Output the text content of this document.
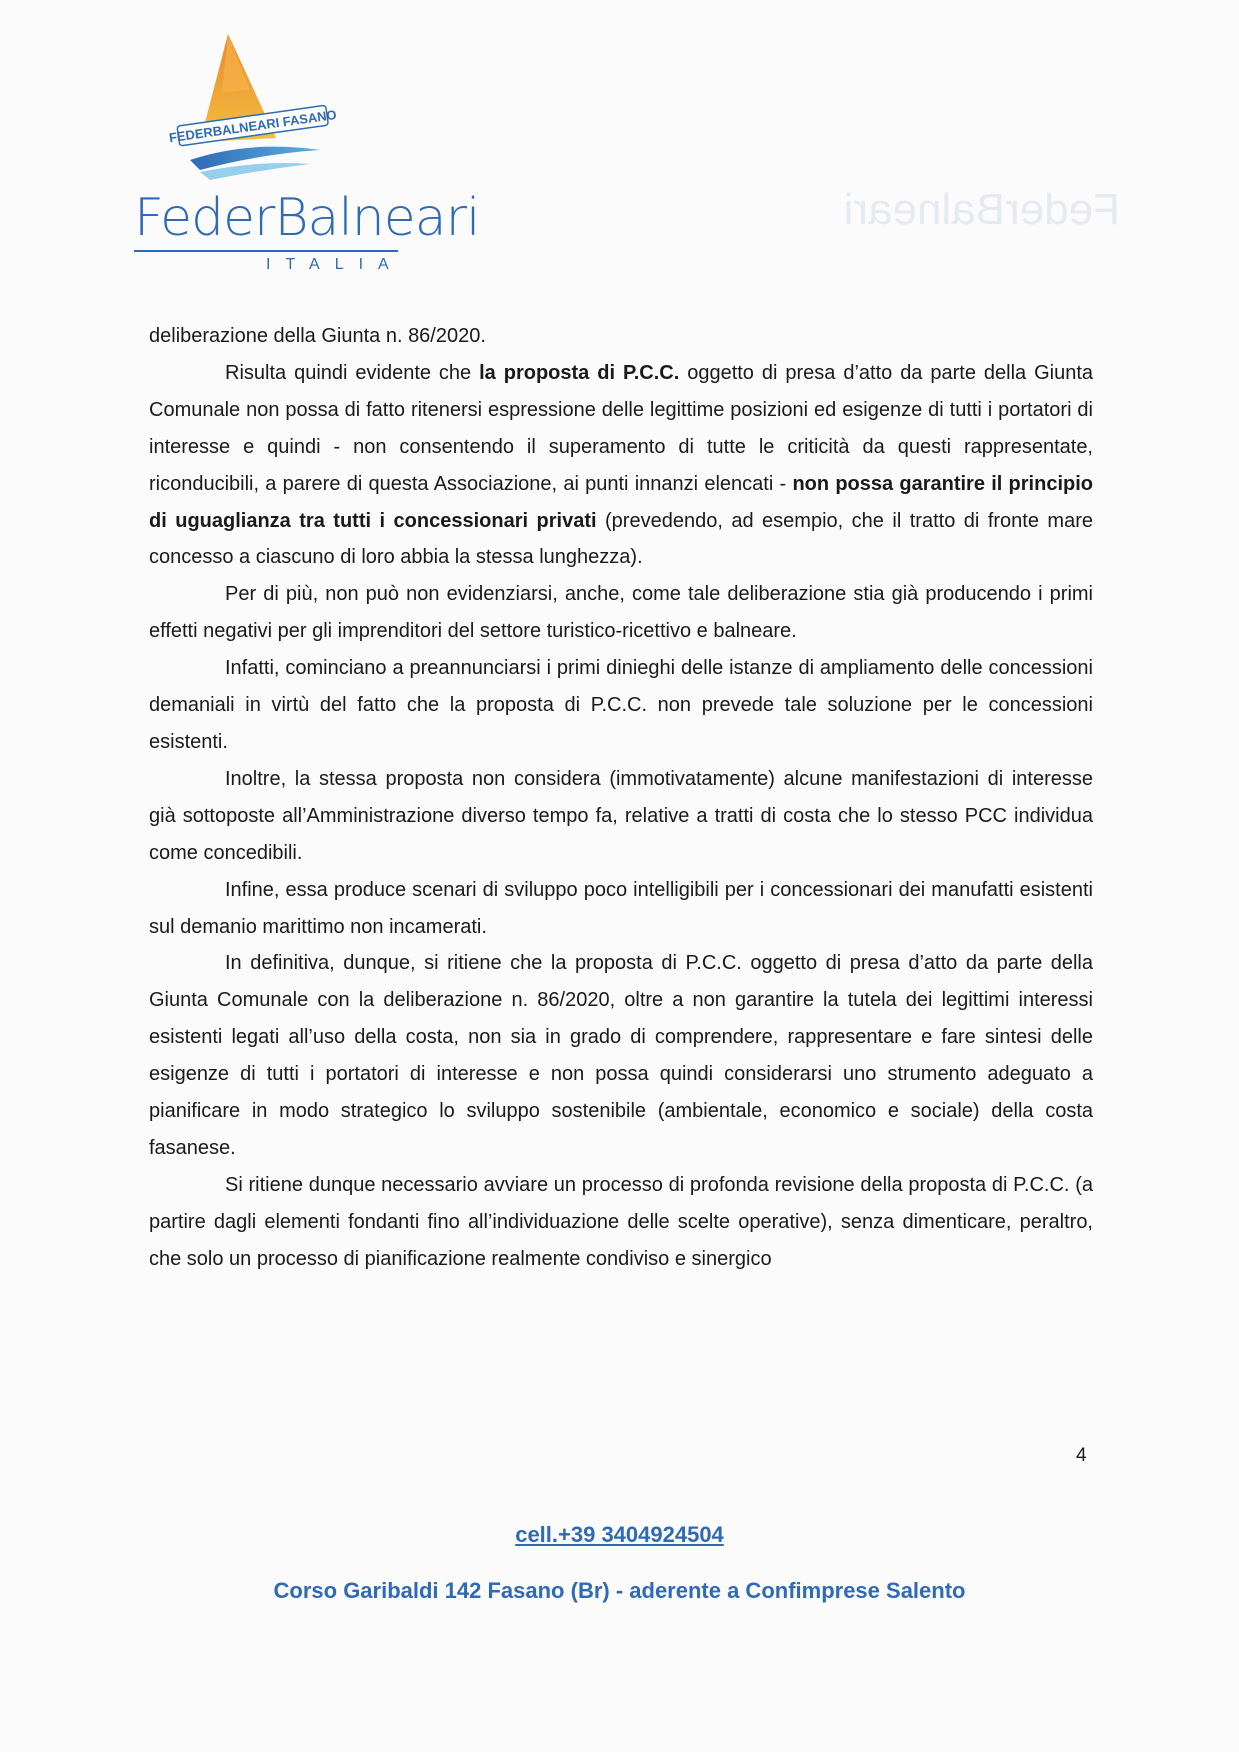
FederBalneari
FEDERBALNEARI FASANO
FederBalneari
ITALIA

deliberazione della Giunta n. 86/2020.

Risulta quindi evidente che la proposta di P.C.C. oggetto di presa d’atto da parte della Giunta Comunale non possa di fatto ritenersi espressione delle legittime posizioni ed esigenze di tutti i portatori di interesse e quindi - non consentendo il superamento di tutte le criticità da questi rappresentate, riconducibili, a parere di questa Associazione, ai punti innanzi elencati - non possa garantire il principio di uguaglianza tra tutti i concessionari privati (prevedendo, ad esempio, che il tratto di fronte mare concesso a ciascuno di loro abbia la stessa lunghezza).

Per di più, non può non evidenziarsi, anche, come tale deliberazione stia già producendo i primi effetti negativi per gli imprenditori del settore turistico-ricettivo e balneare.

Infatti, cominciano a preannunciarsi i primi dinieghi delle istanze di ampliamento delle concessioni demaniali in virtù del fatto che la proposta di P.C.C. non prevede tale soluzione per le concessioni esistenti.

Inoltre, la stessa proposta non considera (immotivatamente) alcune manifestazioni di interesse già sottoposte all’Amministrazione diverso tempo fa, relative a tratti di costa che lo stesso PCC individua come concedibili.

Infine, essa produce scenari di sviluppo poco intelligibili per i concessionari dei manufatti esistenti sul demanio marittimo non incamerati.

In definitiva, dunque, si ritiene che la proposta di P.C.C. oggetto di presa d’atto da parte della Giunta Comunale con la deliberazione n. 86/2020, oltre a non garantire la tutela dei legittimi interessi esistenti legati all’uso della costa, non sia in grado di comprendere, rappresentare e fare sintesi delle esigenze di tutti i portatori di interesse e non possa quindi considerarsi uno strumento adeguato a pianificare in modo strategico lo sviluppo sostenibile (ambientale, economico e sociale) della costa fasanese.

Si ritiene dunque necessario avviare un processo di profonda revisione della proposta di P.C.C. (a partire dagli elementi fondanti fino all’individuazione delle scelte operative), senza dimenticare, peraltro, che solo un processo di pianificazione realmente condiviso e sinergico

4
cell.+39 3404924504
Corso Garibaldi 142 Fasano (Br) - aderente a Confimprese Salento
